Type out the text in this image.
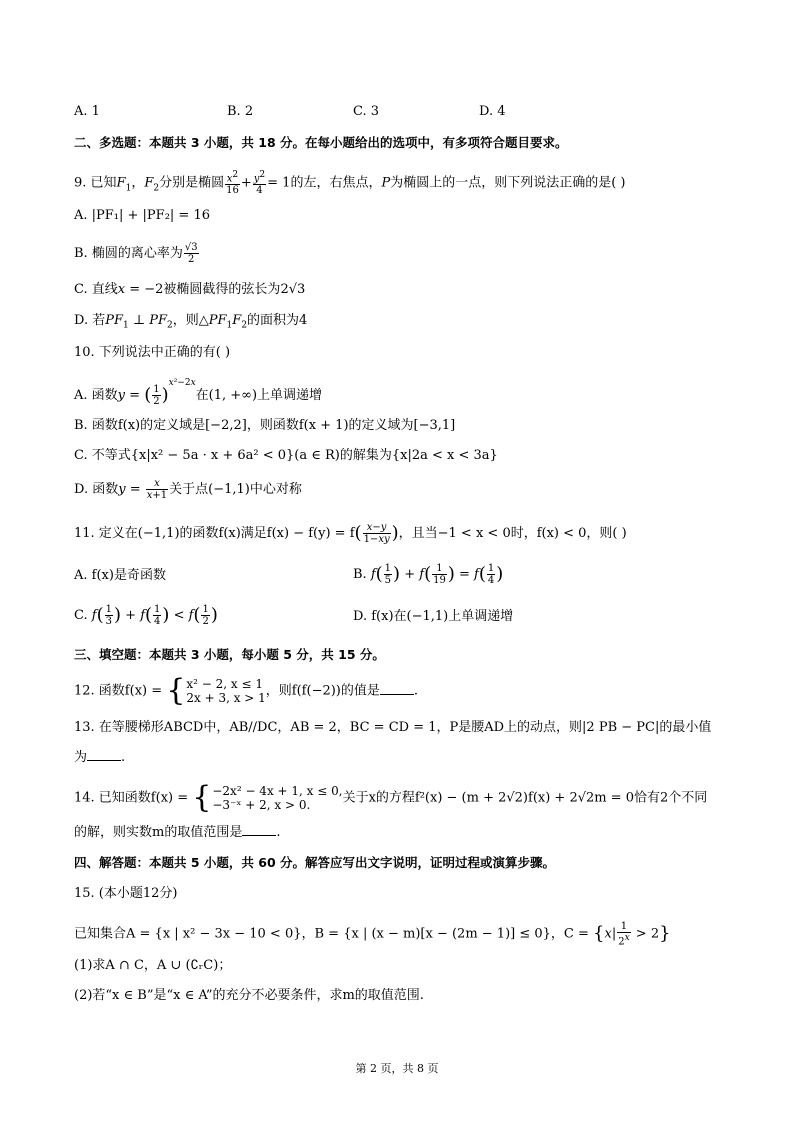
A. 1	B. 2	C. 3	D. 4
二、多选题：本题共 3 小题，共 18 分。在每小题给出的选项中，有多项符合题目要求。
9. 已知$F_1$，$F_2$分别是椭圆 $\frac{x^2}{16} + \frac{y^2}{4} = 1$的左，右焦点，P为椭圆上的一点，则下列说法正确的是( )
A. |PF₁| + |PF₂| = 16
B. 椭圆的离心率为 $\frac{√3}{2}$
C. 直线x = −2被椭圆截得的弦长为2√3
D. 若$PF_1$ ⊥ $PF_2$，则$\triangle PF_1F_2$的面积为4
10. 下列说法中正确的有( )
A. 函数y = ( $\frac{1}{2} )^{x^2-2x}$在(1, +∞)上单调递增
B. 函数f(x)的定义域是[−2,2]，则函数f(x + 1)的定义域为[−3,1]
C. 不等式{x|x² − 5a · x + 6a² < 0}(a ∈ R)的解集为{x|2a < x < 3a}
D. 函数$y = \frac{x}{x+1}$ 关于点(−1,1)中心对称
11. 定义在(−1,1)的函数f(x)满足$f(x) - f(y) = f( \frac{x-y}{1-xy}$ )，且当−1 < x < 0时，f(x) < 0，则( )
A. f(x)是奇函数	B. $f( \frac{1}{5}$ ) + $f( \frac{1}{19}$ ) = $f( \frac{1}{4}$ )
C. $f( \frac{1}{3}$ ) + $f( \frac{1}{4}$ ) < $f( \frac{1}{2}$ )	D. f(x)在(−1,1)上单调递增
三、填空题：本题共 3 小题，每小题 5 分，共 15 分。
12. 函数f(x) = { x² − 2, x ≤ 1
2x + 3, x > 1 ，则f(f(−2))的值是	.
13. 在等腰梯形ABCD中，AB//DC，AB = 2，BC = CD = 1，P是腰AD上的动点，则|2 PB − PC|的最小值
为	.
14. 已知函数f(x) = { −2x² − 4x + 1, x ≤ 0,
−3⁻ˣ + 2, x > 0.	关于x的方程f²(x) − (m + 2√2)f(x) + 2√2m = 0恰有2个不同
的解，则实数m的取值范围是	.
四、解答题：本题共 5 小题，共 60 分。解答应写出文字说明，证明过程或演算步骤。
15. (本小题12分)
已知集合A = {x | x² − 3x − 10 < 0}，B = {x | (x − m)[x − (2m − 1)] ≤ 0}，$C = \{x| \frac{1}{2^x} > 2\}$
(1)求A ∩ C，A ∪ (∁ᵣC)；
(2)若“x ∈ B”是“x ∈ A”的充分不必要条件，求m的取值范围.
第 2 页，共 8 页
